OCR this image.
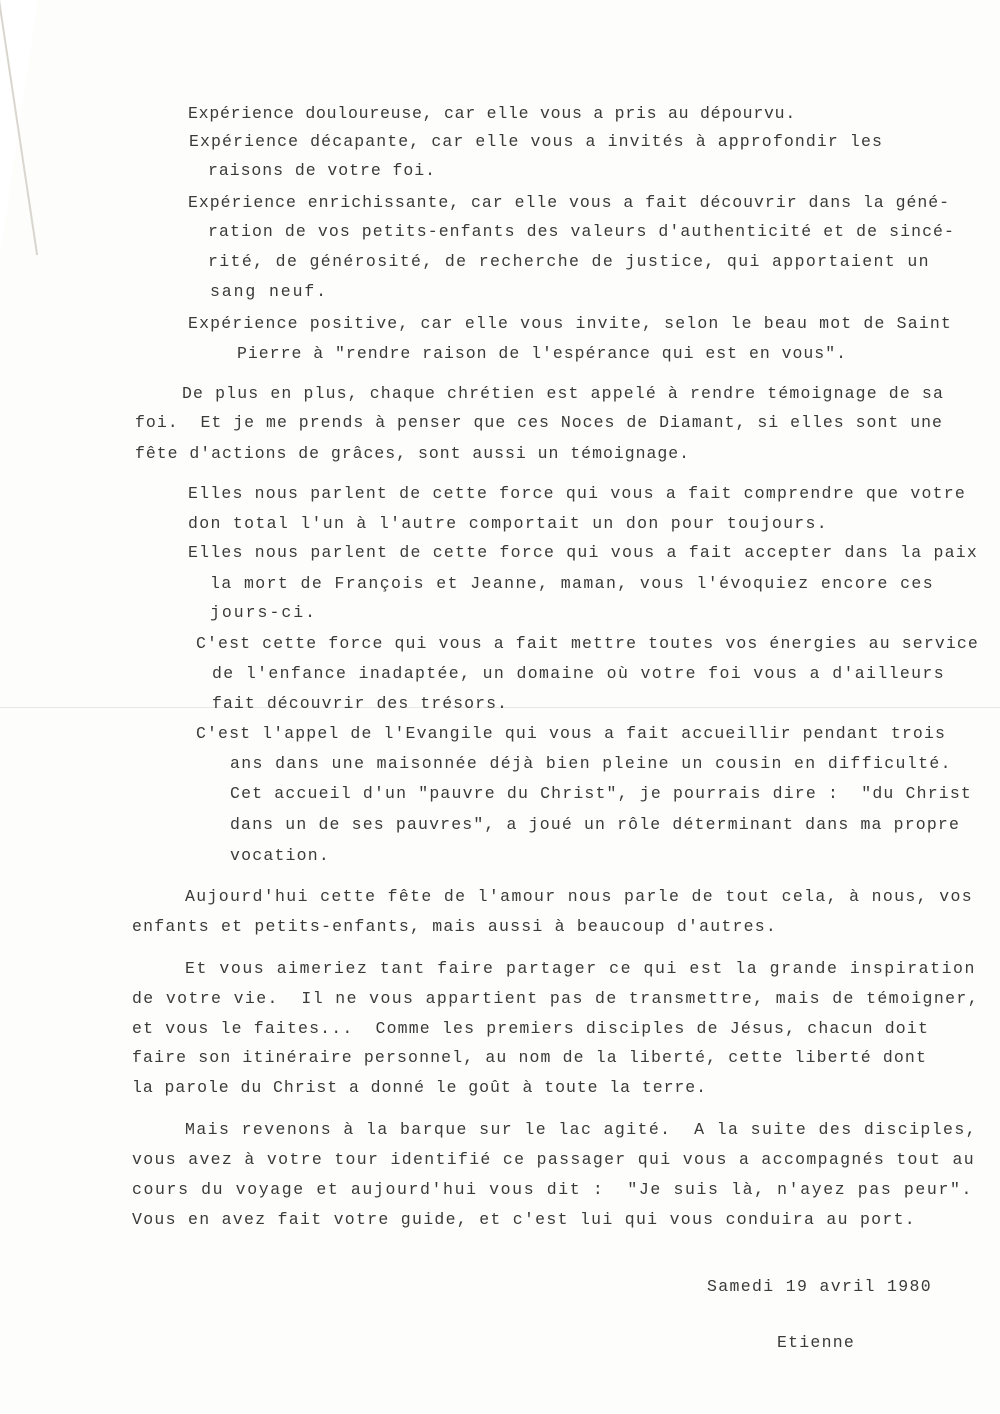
Expérience douloureuse, car elle vous a pris au dépourvu.
Expérience décapante, car elle vous a invités à approfondir les
raisons de votre foi.
Expérience enrichissante, car elle vous a fait découvrir dans la géné-
ration de vos petits-enfants des valeurs d'authenticité et de sincé-
rité, de générosité, de recherche de justice, qui apportaient un
sang neuf.
Expérience positive, car elle vous invite, selon le beau mot de Saint
Pierre à "rendre raison de l'espérance qui est en vous".
De plus en plus, chaque chrétien est appelé à rendre témoignage de sa
foi.  Et je me prends à penser que ces Noces de Diamant, si elles sont une
fête d'actions de grâces, sont aussi un témoignage.
Elles nous parlent de cette force qui vous a fait comprendre que votre
don total l'un à l'autre comportait un don pour toujours.
Elles nous parlent de cette force qui vous a fait accepter dans la paix
la mort de François et Jeanne, maman, vous l'évoquiez encore ces
jours-ci.
C'est cette force qui vous a fait mettre toutes vos énergies au service
de l'enfance inadaptée, un domaine où votre foi vous a d'ailleurs
fait découvrir des trésors.
C'est l'appel de l'Evangile qui vous a fait accueillir pendant trois
ans dans une maisonnée déjà bien pleine un cousin en difficulté.
Cet accueil d'un "pauvre du Christ", je pourrais dire :  "du Christ
dans un de ses pauvres", a joué un rôle déterminant dans ma propre
vocation.
Aujourd'hui cette fête de l'amour nous parle de tout cela, à nous, vos
enfants et petits-enfants, mais aussi à beaucoup d'autres.
Et vous aimeriez tant faire partager ce qui est la grande inspiration
de votre vie.  Il ne vous appartient pas de transmettre, mais de témoigner,
et vous le faites...  Comme les premiers disciples de Jésus, chacun doit
faire son itinéraire personnel, au nom de la liberté, cette liberté dont
la parole du Christ a donné le goût à toute la terre.
Mais revenons à la barque sur le lac agité.  A la suite des disciples,
vous avez à votre tour identifié ce passager qui vous a accompagnés tout au
cours du voyage et aujourd'hui vous dit :  "Je suis là, n'ayez pas peur".
Vous en avez fait votre guide, et c'est lui qui vous conduira au port.
Samedi 19 avril 1980
Etienne
